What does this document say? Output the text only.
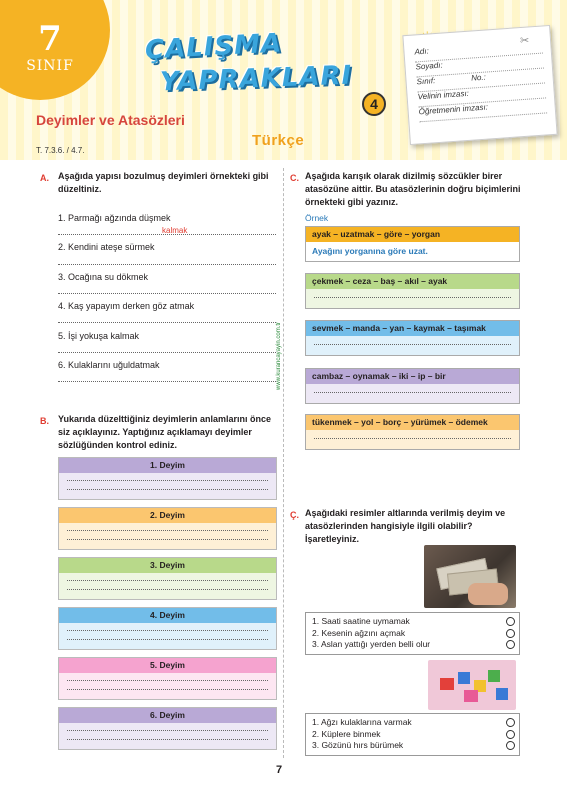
7
SINIF
ÇALIŞMA
YAPRAKLARI
4
Deyimler ve Atasözleri
Türkçe
T. 7.3.6. / 4.7.
Adı:
Soyadı:
Sınıf:	No.:
Velinin imzası:
Öğretmenin imzası:
✂
www.kurancayayin.com.tr
A. Aşağıda yapısı bozulmuş deyimleri örnekteki gibi düzeltiniz.
1. Parmağı ağzında düşmek
kalmak
2. Kendini ateşe sürmek
3. Ocağına su dökmek
4. Kaş yapayım derken göz atmak
5. İşi yokuşa kalmak
6. Kulaklarını uğuldatmak
B. Yukarıda düzelttiğiniz deyimlerin anlamlarını önce siz açıklayınız. Yaptığınız açıklamayı deyimler sözlüğünden kontrol ediniz.
1. Deyim
2. Deyim
3. Deyim
4. Deyim
5. Deyim
6. Deyim
C. Aşağıda karışık olarak dizilmiş sözcükler birer atasözüne aittir. Bu atasözlerinin doğru biçimlerini örnekteki gibi yazınız.
Örnek
ayak – uzatmak – göre – yorgan
Ayağını yorganına göre uzat.
çekmek – ceza – baş – akıl – ayak
sevmek – manda – yan – kaymak – taşımak
cambaz – oynamak – iki – ip – bir
tükenmek – yol – borç – yürümek – ödemek
Ç. Aşağıdaki resimler altlarında verilmiş deyim ve atasözlerinden hangisiyle ilgili olabilir? İşaretleyiniz.
1. Saati saatine uymamak
2. Kesenin ağzını açmak
3. Aslan yattığı yerden belli olur
1. Ağzı kulaklarına varmak
2. Küplere binmek
3. Gözünü hırs bürümek
7
